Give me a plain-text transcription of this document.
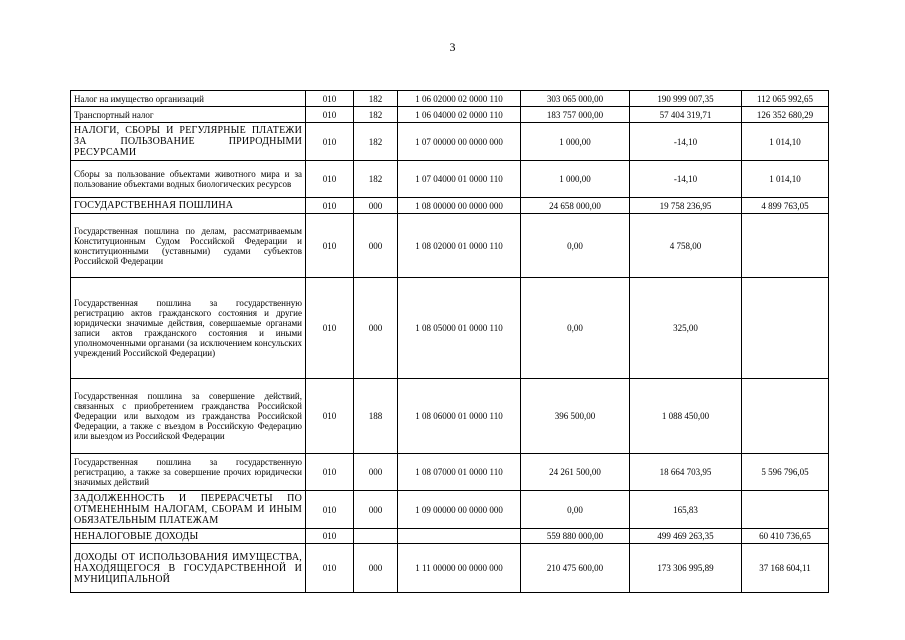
3
Налог на имущество организаций	010	182	1 06 02000 02 0000 110	303 065 000,00	190 999 007,35	112 065 992,65
Транспортный налог	010	182	1 06 04000 02 0000 110	183 757 000,00	57 404 319,71	126 352 680,29
НАЛОГИ, СБОРЫ И РЕГУЛЯРНЫЕ ПЛАТЕЖИ ЗА ПОЛЬЗОВАНИЕ ПРИРОДНЫМИ РЕСУРСАМИ	010	182	1 07 00000 00 0000 000	1 000,00	-14,10	1 014,10
Сборы за пользование объектами животного мира и за пользование объектами водных биологических ресурсов	010	182	1 07 04000 01 0000 110	1 000,00	-14,10	1 014,10
ГОСУДАРСТВЕННАЯ ПОШЛИНА	010	000	1 08 00000 00 0000 000	24 658 000,00	19 758 236,95	4 899 763,05
Государственная пошлина по делам, рассматриваемым Конституционным Судом Российской Федерации и конституционными (уставными) судами субъектов Российской Федерации	010	000	1 08 02000 01 0000 110	0,00	4 758,00	
Государственная пошлина за государственную регистрацию актов гражданского состояния и другие юридически значимые действия, совершаемые органами записи актов гражданского состояния и иными уполномоченными органами (за исключением консульских учреждений Российской Федерации)	010	000	1 08 05000 01 0000 110	0,00	325,00	
Государственная пошлина за совершение действий, связанных с приобретением гражданства Российской Федерации или выходом из гражданства Российской Федерации, а также с въездом в Российскую Федерацию или выездом из Российской Федерации	010	188	1 08 06000 01 0000 110	396 500,00	1 088 450,00	
Государственная пошлина за государственную регистрацию, а также за совершение прочих юридически значимых действий	010	000	1 08 07000 01 0000 110	24 261 500,00	18 664 703,95	5 596 796,05
ЗАДОЛЖЕННОСТЬ И ПЕРЕРАСЧЕТЫ ПО ОТМЕНЕННЫМ НАЛОГАМ, СБОРАМ И ИНЫМ ОБЯЗАТЕЛЬНЫМ ПЛАТЕЖАМ	010	000	1 09 00000 00 0000 000	0,00	165,83	
НЕНАЛОГОВЫЕ ДОХОДЫ	010			559 880 000,00	499 469 263,35	60 410 736,65
ДОХОДЫ ОТ ИСПОЛЬЗОВАНИЯ ИМУЩЕСТВА, НАХОДЯЩЕГОСЯ В ГОСУДАРСТВЕННОЙ И МУНИЦИПАЛЬНОЙ	010	000	1 11 00000 00 0000 000	210 475 600,00	173 306 995,89	37 168 604,11
